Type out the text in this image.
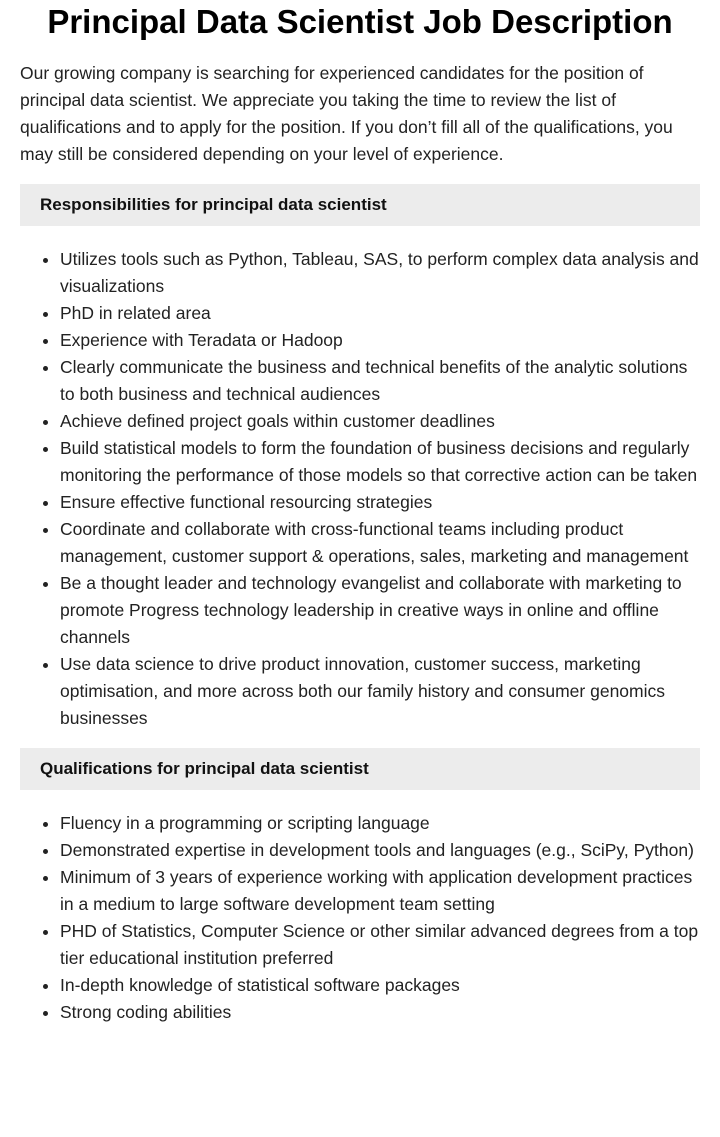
Principal Data Scientist Job Description

Our growing company is searching for experienced candidates for the position of principal data scientist. We appreciate you taking the time to review the list of qualifications and to apply for the position. If you don’t fill all of the qualifications, you may still be considered depending on your level of experience.

Responsibilities for principal data scientist
• Utilizes tools such as Python, Tableau, SAS, to perform complex data analysis and visualizations
• PhD in related area
• Experience with Teradata or Hadoop
• Clearly communicate the business and technical benefits of the analytic solutions to both business and technical audiences
• Achieve defined project goals within customer deadlines
• Build statistical models to form the foundation of business decisions and regularly monitoring the performance of those models so that corrective action can be taken
• Ensure effective functional resourcing strategies
• Coordinate and collaborate with cross-functional teams including product management, customer support & operations, sales, marketing and management
• Be a thought leader and technology evangelist and collaborate with marketing to promote Progress technology leadership in creative ways in online and offline channels
• Use data science to drive product innovation, customer success, marketing optimisation, and more across both our family history and consumer genomics businesses
Qualifications for principal data scientist
• Fluency in a programming or scripting language
• Demonstrated expertise in development tools and languages (e.g., SciPy, Python)
• Minimum of 3 years of experience working with application development practices in a medium to large software development team setting
• PHD of Statistics, Computer Science or other similar advanced degrees from a top tier educational institution preferred
• In-depth knowledge of statistical software packages
• Strong coding abilities
